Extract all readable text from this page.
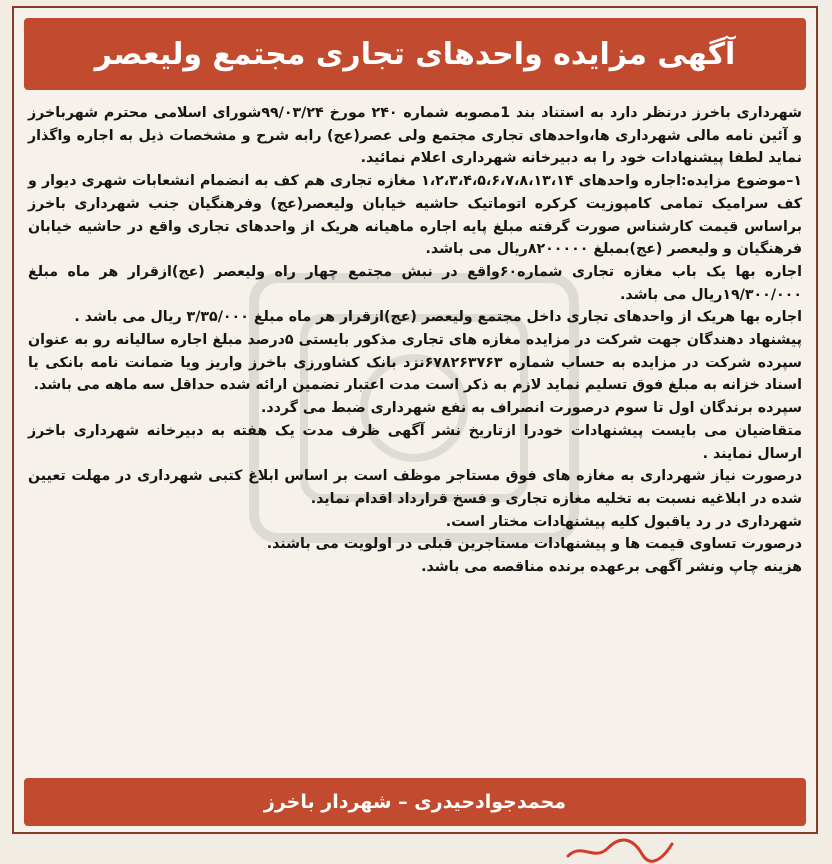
آگهی مزایده واحدهای تجاری مجتمع ولیعصر

شهرداری باخرز درنظر دارد به استناد بند 1مصوبه شماره ۲۴۰ مورخ ۹۹/۰۳/۲۴شورای اسلامی محترم شهرباخرز و آئین نامه مالی شهرداری ها،واحدهای تجاری مجتمع ولی عصر(عج) رابه شرح و مشخصات ذیل به اجاره واگذار نماید لطفا پیشنهادات خود را به دبیرخانه شهرداری اعلام نمائید.

۱–موضوع مزایده:اجاره واحدهای ۱،۲،۳،۴،۵،۶،۷،۸،۱۳،۱۴ مغازه تجاری هم کف به انضمام انشعابات شهری دیوار و کف سرامیک تمامی کامپوزیت کرکره اتوماتیک حاشیه خیابان ولیعصر(عج) وفرهنگیان جنب شهرداری باخرز براساس قیمت کارشناس صورت گرفته مبلغ پایه اجاره ماهیانه هریک از واحدهای تجاری واقع در حاشیه خیابان فرهنگیان و ولیعصر (عج)بمبلغ ۸۲۰۰۰۰۰ریال می باشد.

اجاره بها یک باب مغازه تجاری شماره۶۰واقع در نبش مجتمع چهار راه ولیعصر (عج)ازقرار هر ماه مبلغ ۱۹/۳۰۰/۰۰۰ریال می باشد.

اجاره بها هریک از واحدهای تجاری داخل مجتمع ولیعصر (عج)ازقرار هر ماه مبلغ ۳/۳۵/۰۰۰ ریال می باشد .

پیشنهاد دهندگان جهت شرکت در مزایده مغازه های تجاری مذکور بایستی ۵درصد مبلغ اجاره سالیانه رو به عنوان سپرده شرکت در مزایده به حساب شماره ۶۷۸۲۶۳۷۶۳نزد بانک کشاورزی باخرز واریز ویا ضمانت نامه بانکی یا اسناد خزانه به مبلغ فوق تسلیم نماید لازم به ذکر است مدت اعتبار تضمین ارائه شده حداقل سه ماهه می باشد.

سپرده برندگان اول تا سوم درصورت انصراف به نفع شهرداری ضبط می گردد.

متقاضیان می بایست پیشنهادات خودرا ازتاریخ نشر آگهی ظرف مدت یک هفته به دبیرخانه شهرداری باخرز ارسال نمایند .

درصورت نیاز شهرداری به مغازه های فوق مستاجر موظف است بر اساس ابلاغ کتبی شهرداری در مهلت تعیین شده در ابلاغیه نسبت به تخلیه مغازه تجاری و فسخ قرارداد اقدام نماید.

شهرداری در رد یاقبول کلیه پیشنهادات مختار است.

درصورت تساوی قیمت ها و پیشنهادات مستاجرین قبلی در اولویت می باشند.

هزینه چاپ ونشر آگهی برعهده برنده مناقصه می باشد.

محمدجوادحیدری – شهردار باخرز
